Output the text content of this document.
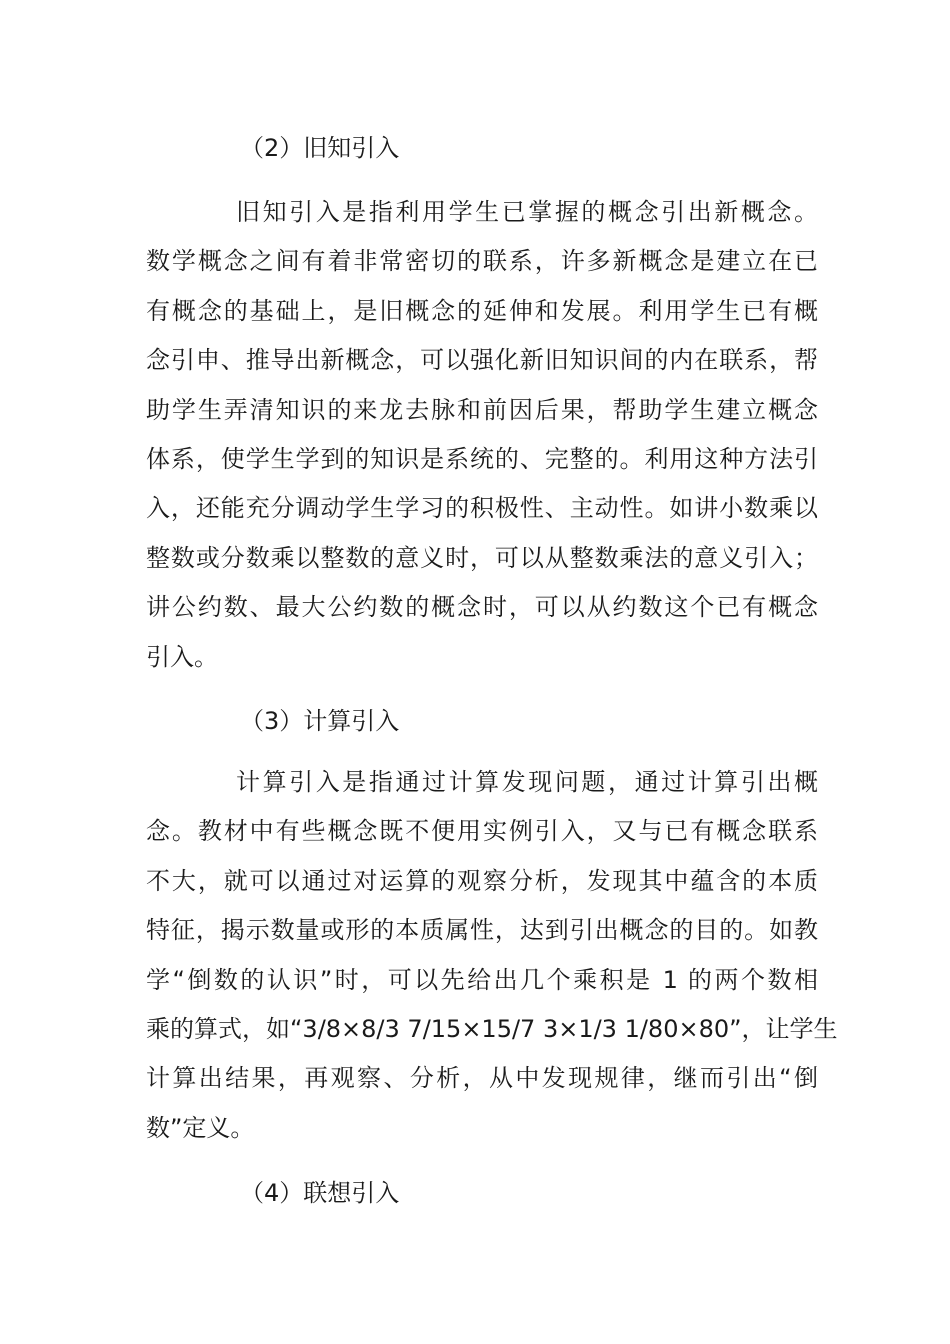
（2）旧知引入
旧知引入是指利用学生已掌握的概念引出新概念。
数学概念之间有着非常密切的联系，许多新概念是建立在已
有概念的基础上，是旧概念的延伸和发展。利用学生已有概
念引申、推导出新概念，可以强化新旧知识间的内在联系，帮
助学生弄清知识的来龙去脉和前因后果，帮助学生建立概念
体系，使学生学到的知识是系统的、完整的。利用这种方法引
入，还能充分调动学生学习的积极性、主动性。如讲小数乘以
整数或分数乘以整数的意义时，可以从整数乘法的意义引入；
讲公约数、最大公约数的概念时，可以从约数这个已有概念
引入。
（3）计算引入
计算引入是指通过计算发现问题，通过计算引出概
念。教材中有些概念既不便用实例引入，又与已有概念联系
不大，就可以通过对运算的观察分析，发现其中蕴含的本质
特征，揭示数量或形的本质属性，达到引出概念的目的。如教
学“倒数的认识”时，可以先给出几个乘积是 1 的两个数相
乘的算式，如“3/8×8/3 7/15×15/7 3×1/3 1/80×80”，让学生
计算出结果，再观察、分析，从中发现规律，继而引出“倒
数”定义。
（4）联想引入
